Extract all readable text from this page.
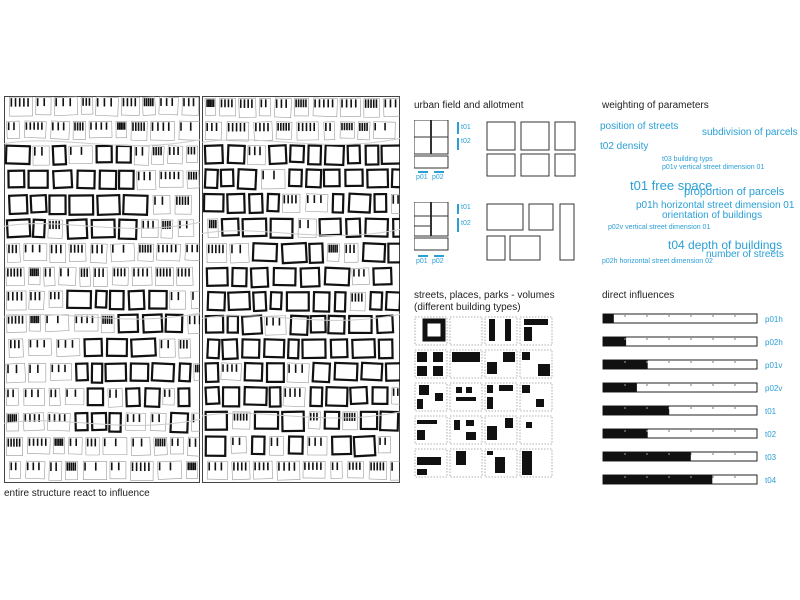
entire structure react to influence
urban field and allotment
t01
t02
p01 p02
t01
t02
p01 p02
weighting of parameters
position of streets
subdivision of parcels
t02 density
t03 building typs
p01v vertical street dimension 01
t01 free space
proportion of parcels
p01h horizontal street dimension 01
orientation of buildings
p02v vertical street dimension 01
t04 depth of buildings
number of streets
p02h horizontal street dimension 02
streets, places, parks - volumes
(different building types)
direct influences
p01h
p02h
p01v
p02v
t01
t02
t03
t04
